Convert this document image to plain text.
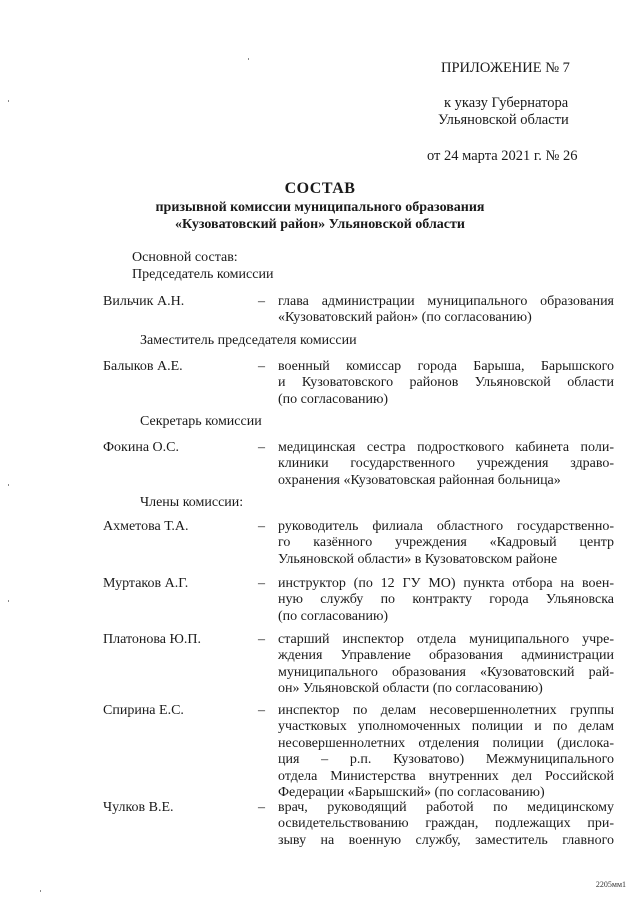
ПРИЛОЖЕНИЕ № 7
к указу Губернатора
Ульяновской области
от 24 марта 2021 г. № 26
СОСТАВ
призывной комиссии муниципального образования
«Кузоватовский район» Ульяновской области
Основной состав:
Председатель комиссии
Вильчик А.Н.	– глава администрации муниципального образования
«Кузоватовский район» (по согласованию)
Заместитель председателя комиссии
Балыков А.Е.	– военный комиссар города Барыша, Барышского
и Кузоватовского районов Ульяновской области
(по согласованию)
Секретарь комиссии
Фокина О.С.	– медицинская сестра подросткового кабинета поли-
клиники государственного учреждения здраво-
охранения «Кузоватовская районная больница»
Члены комиссии:
Ахметова Т.А.	– руководитель филиала областного государственно-
го казённого учреждения «Кадровый центр
Ульяновской области» в Кузоватовском районе
Муртаков А.Г.	– инструктор (по 12 ГУ МО) пункта отбора на воен-
ную службу по контракту города Ульяновска
(по согласованию)
Платонова Ю.П.	– старший инспектор отдела муниципального учре-
ждения Управление образования администрации
муниципального образования «Кузоватовский рай-
он» Ульяновской области (по согласованию)
Спирина Е.С.	– инспектор по делам несовершеннолетних группы
участковых уполномоченных полиции и по делам
несовершеннолетних отделения полиции (дислока-
ция – р.п. Кузоватово) Межмуниципального
отдела Министерства внутренних дел Российской
Федерации «Барышский» (по согласованию)
Чулков В.Е.	– врач, руководящий работой по медицинскому
освидетельствованию граждан, подлежащих при-
зыву на военную службу, заместитель главного
2205мм1
